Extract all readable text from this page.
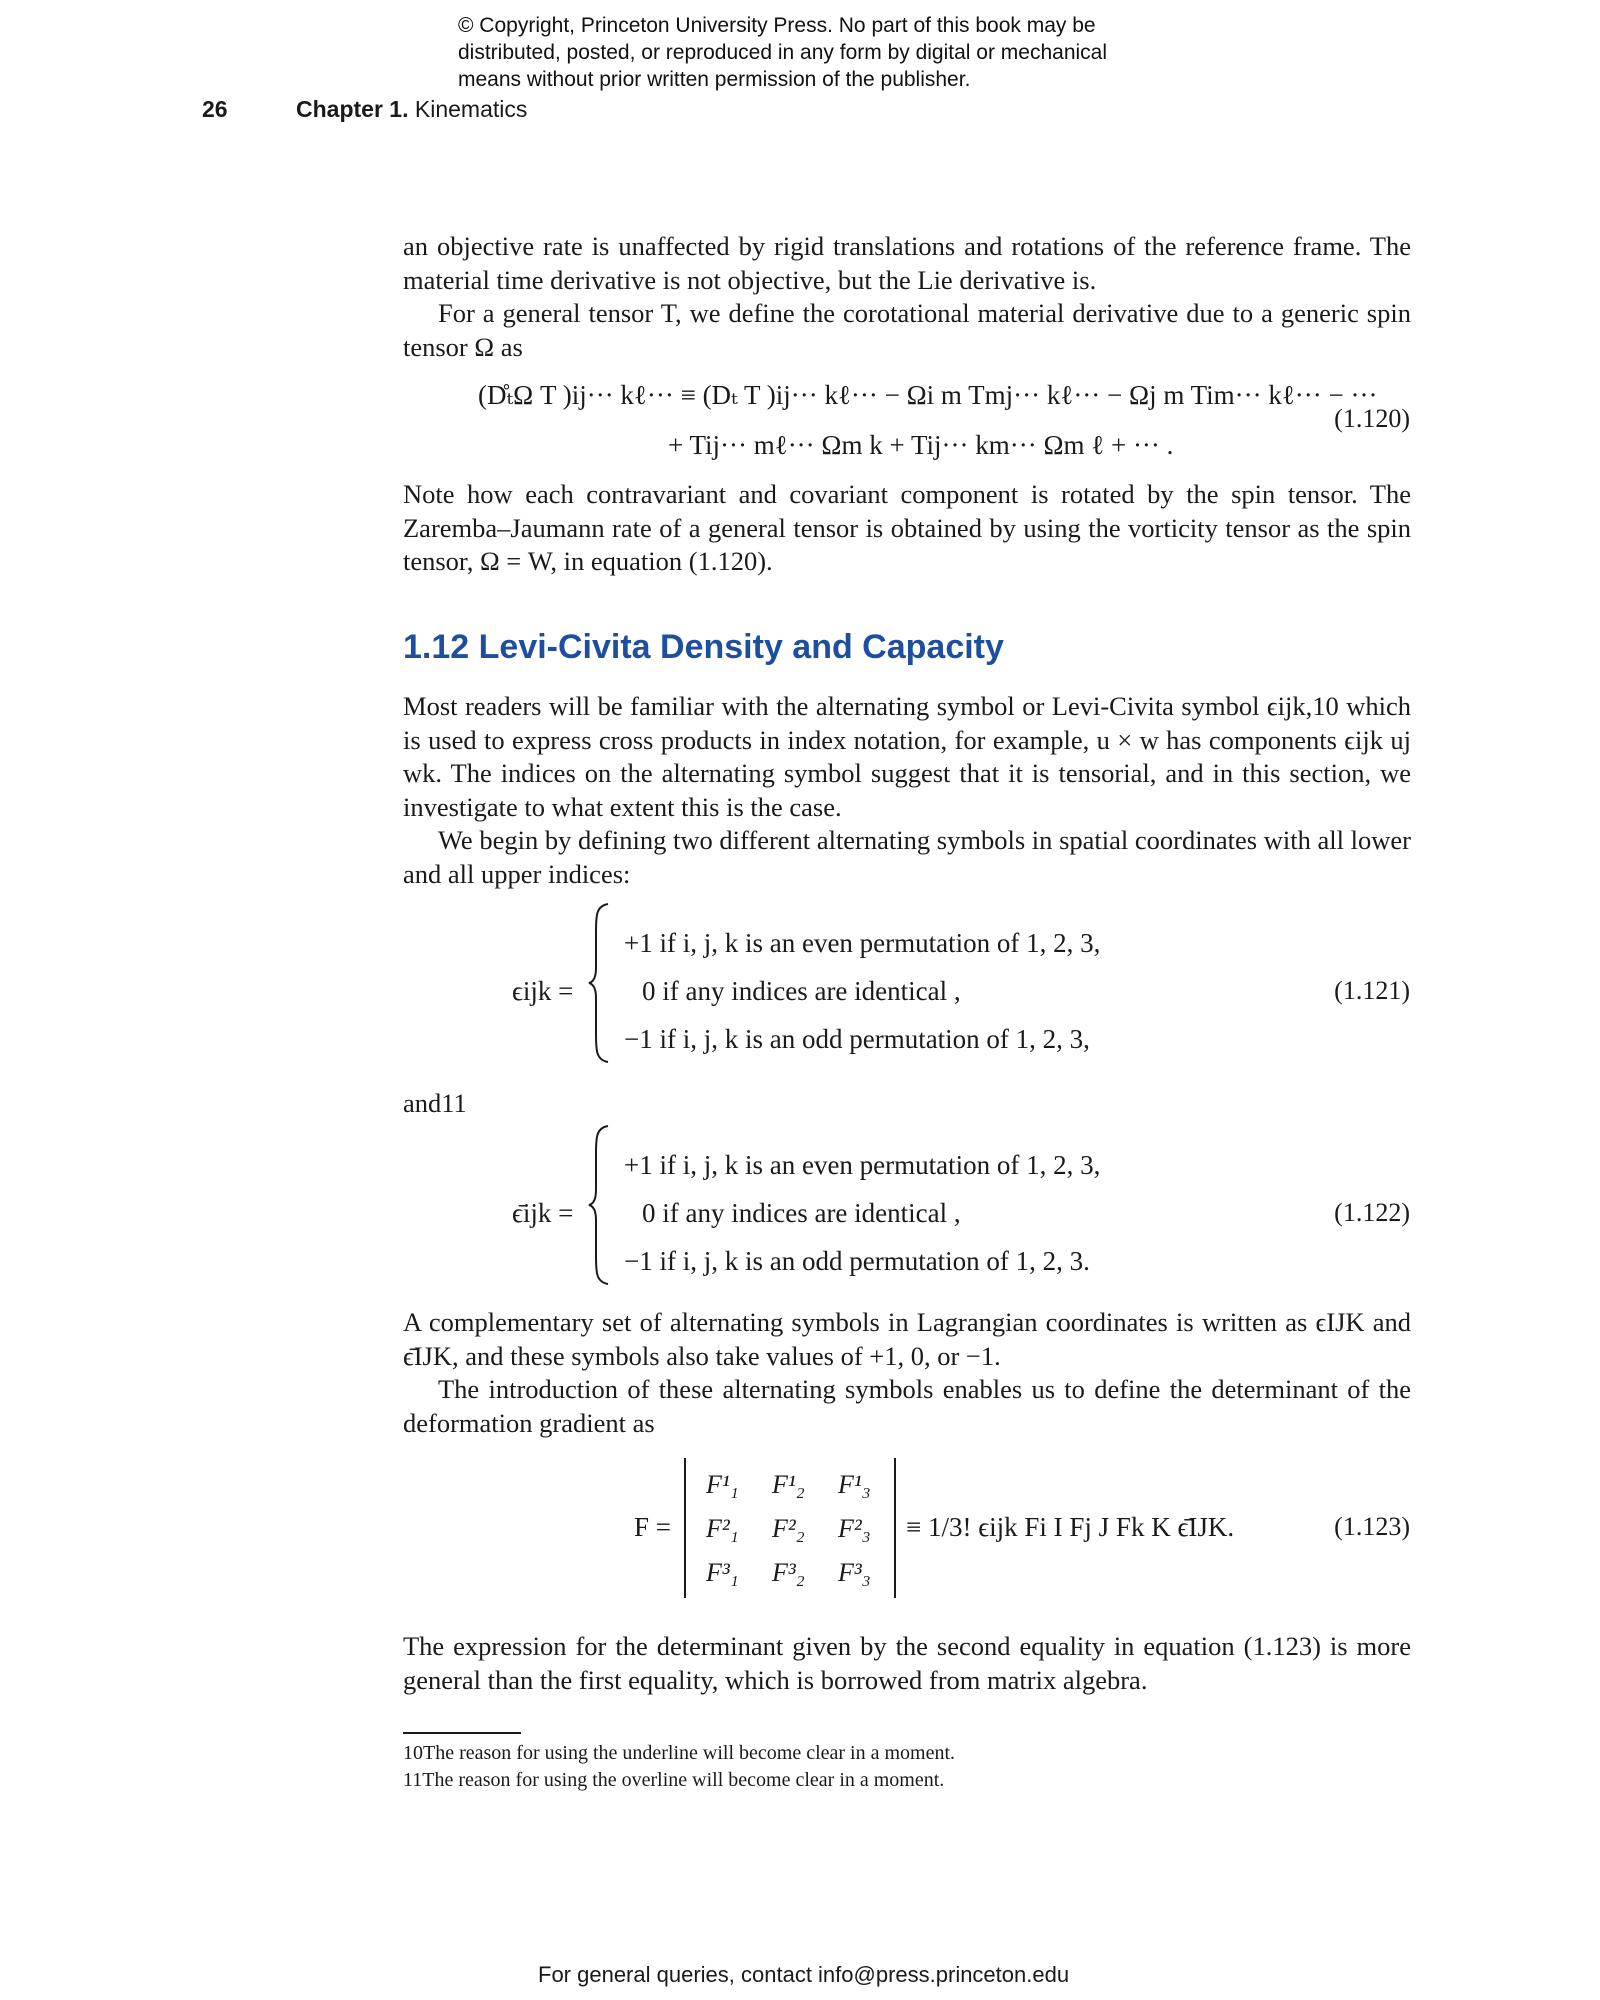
© Copyright, Princeton University Press. No part of this book may be
distributed, posted, or reproduced in any form by digital or mechanical
means without prior written permission of the publisher.
26	Chapter 1. Kinematics

an objective rate is unaffected by rigid translations and rotations of the reference frame. The material time derivative is not objective, but the Lie derivative is.

For a general tensor T, we define the corotational material derivative due to a generic spin tensor Ω as

(D̊ₜΩ T )ij··· kℓ··· ≡ (Dₜ T )ij··· kℓ··· − Ωi m Tmj··· kℓ··· − Ωj m Tim··· kℓ··· − ···
+ Tij··· mℓ··· Ωm k + Tij··· km··· Ωm ℓ + ··· .
(1.120)

Note how each contravariant and covariant component is rotated by the spin tensor. The Zaremba–Jaumann rate of a general tensor is obtained by using the vorticity tensor as the spin tensor, Ω = W, in equation (1.120).

1.12 Levi-Civita Density and Capacity

Most readers will be familiar with the alternating symbol or Levi-Civita symbol ϵijk,10 which is used to express cross products in index notation, for example, u × w has components ϵijk uj wk. The indices on the alternating symbol suggest that it is tensorial, and in this section, we investigate to what extent this is the case.

We begin by defining two different alternating symbols in spatial coordinates with all lower and all upper indices:

ϵijk =
+1 if i, j, k is an even permutation of 1, 2, 3,
0 if any indices are identical ,
−1 if i, j, k is an odd permutation of 1, 2, 3,
(1.121)
and11
ϵ̄ijk =
+1 if i, j, k is an even permutation of 1, 2, 3,
0 if any indices are identical ,
−1 if i, j, k is an odd permutation of 1, 2, 3.
(1.122)

A complementary set of alternating symbols in Lagrangian coordinates is written as ϵIJK and ϵ̄IJK, and these symbols also take values of +1, 0, or −1.

The introduction of these alternating symbols enables us to define the determinant of the deformation gradient as

F =
F¹₁ F¹₂ F¹₃
F²₁ F²₂ F²₃
F³₁ F³₂ F³₃
≡ 1/3! ϵijk Fi I Fj J Fk K ϵ̄IJK.	(1.123)

The expression for the determinant given by the second equality in equation (1.123) is more general than the first equality, which is borrowed from matrix algebra.

10The reason for using the underline will become clear in a moment.
11The reason for using the overline will become clear in a moment.
For general queries, contact info@press.princeton.edu
